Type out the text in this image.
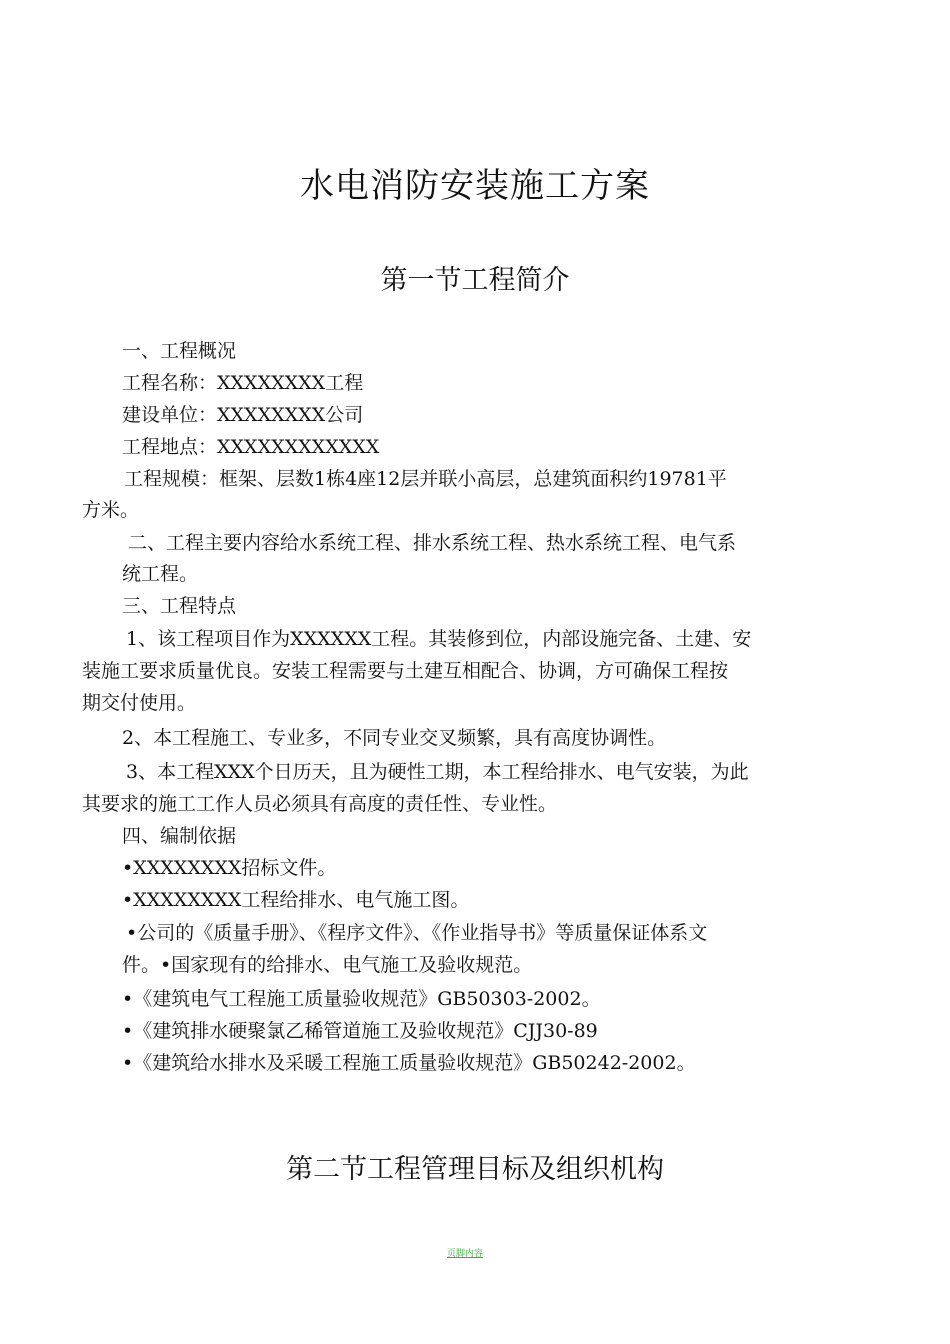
水电消防安装施工方案
第一节工程简介

一、工程概况

工程名称：XXXXXXXX工程

建设单位：XXXXXXXX公司

工程地点：XXXXXXXXXXXX

工程规模：框架、层数1栋4座12层并联小高层，总建筑面积约19781平

方米。

二、工程主要内容给水系统工程、排水系统工程、热水系统工程、电气系

统工程。

三、工程特点

1、该工程项目作为XXXXXX工程。其装修到位，内部设施完备、土建、安

装施工要求质量优良。安装工程需要与土建互相配合、协调，方可确保工程按

期交付使用。

2、本工程施工、专业多，不同专业交叉频繁，具有高度协调性。

3、本工程XXX个日历天，且为硬性工期，本工程给排水、电气安装，为此

其要求的施工工作人员必须具有高度的责任性、专业性。

四、编制依据

•XXXXXXXX招标文件。

•XXXXXXXX工程给排水、电气施工图。

•公司的《质量手册》、《程序文件》、《作业指导书》等质量保证体系文

件。•国家现有的给排水、电气施工及验收规范。

•《建筑电气工程施工质量验收规范》GB50303-2002。

•《建筑排水硬聚氯乙稀管道施工及验收规范》CJJ30-89

•《建筑给水排水及采暖工程施工质量验收规范》GB50242-2002。

第二节工程管理目标及组织机构
页脚内容
